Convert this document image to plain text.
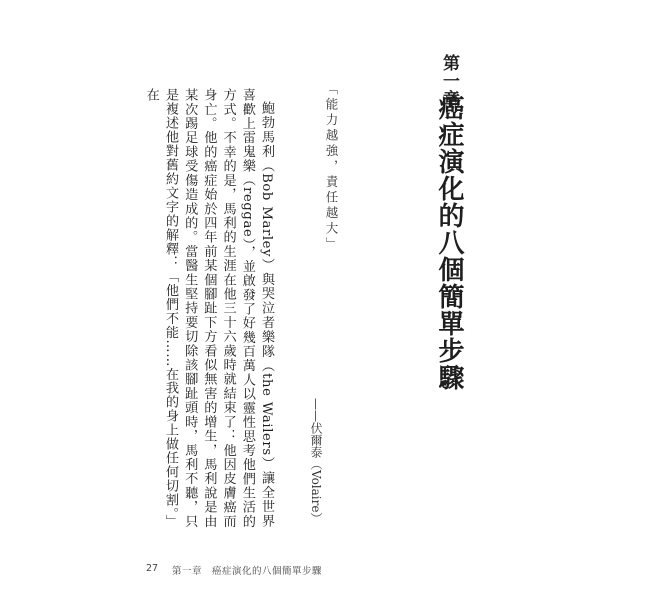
第一章
癌症演化的八個簡單步驟
「能力越強，責任越大」
——伏爾泰（Volaire）

鮑勃馬利（Bob Marley）與哭泣者樂隊（the Wailers）讓全世界喜歡上雷鬼樂（reggae），並啟發了好幾百萬人以靈性思考他們生活的方式。不幸的是，馬利的生涯在他三十六歲時就結束了：他因皮膚癌而身亡。他的癌症始於四年前某個腳趾下方看似無害的增生，馬利說是由某次踢足球受傷造成的。當醫生堅持要切除該腳趾頭時，馬利不聽，只是複述他對舊約文字的解釋：「他們不能……在我的身上做任何切割。」在

27 第一章　癌症演化的八個簡單步驟
